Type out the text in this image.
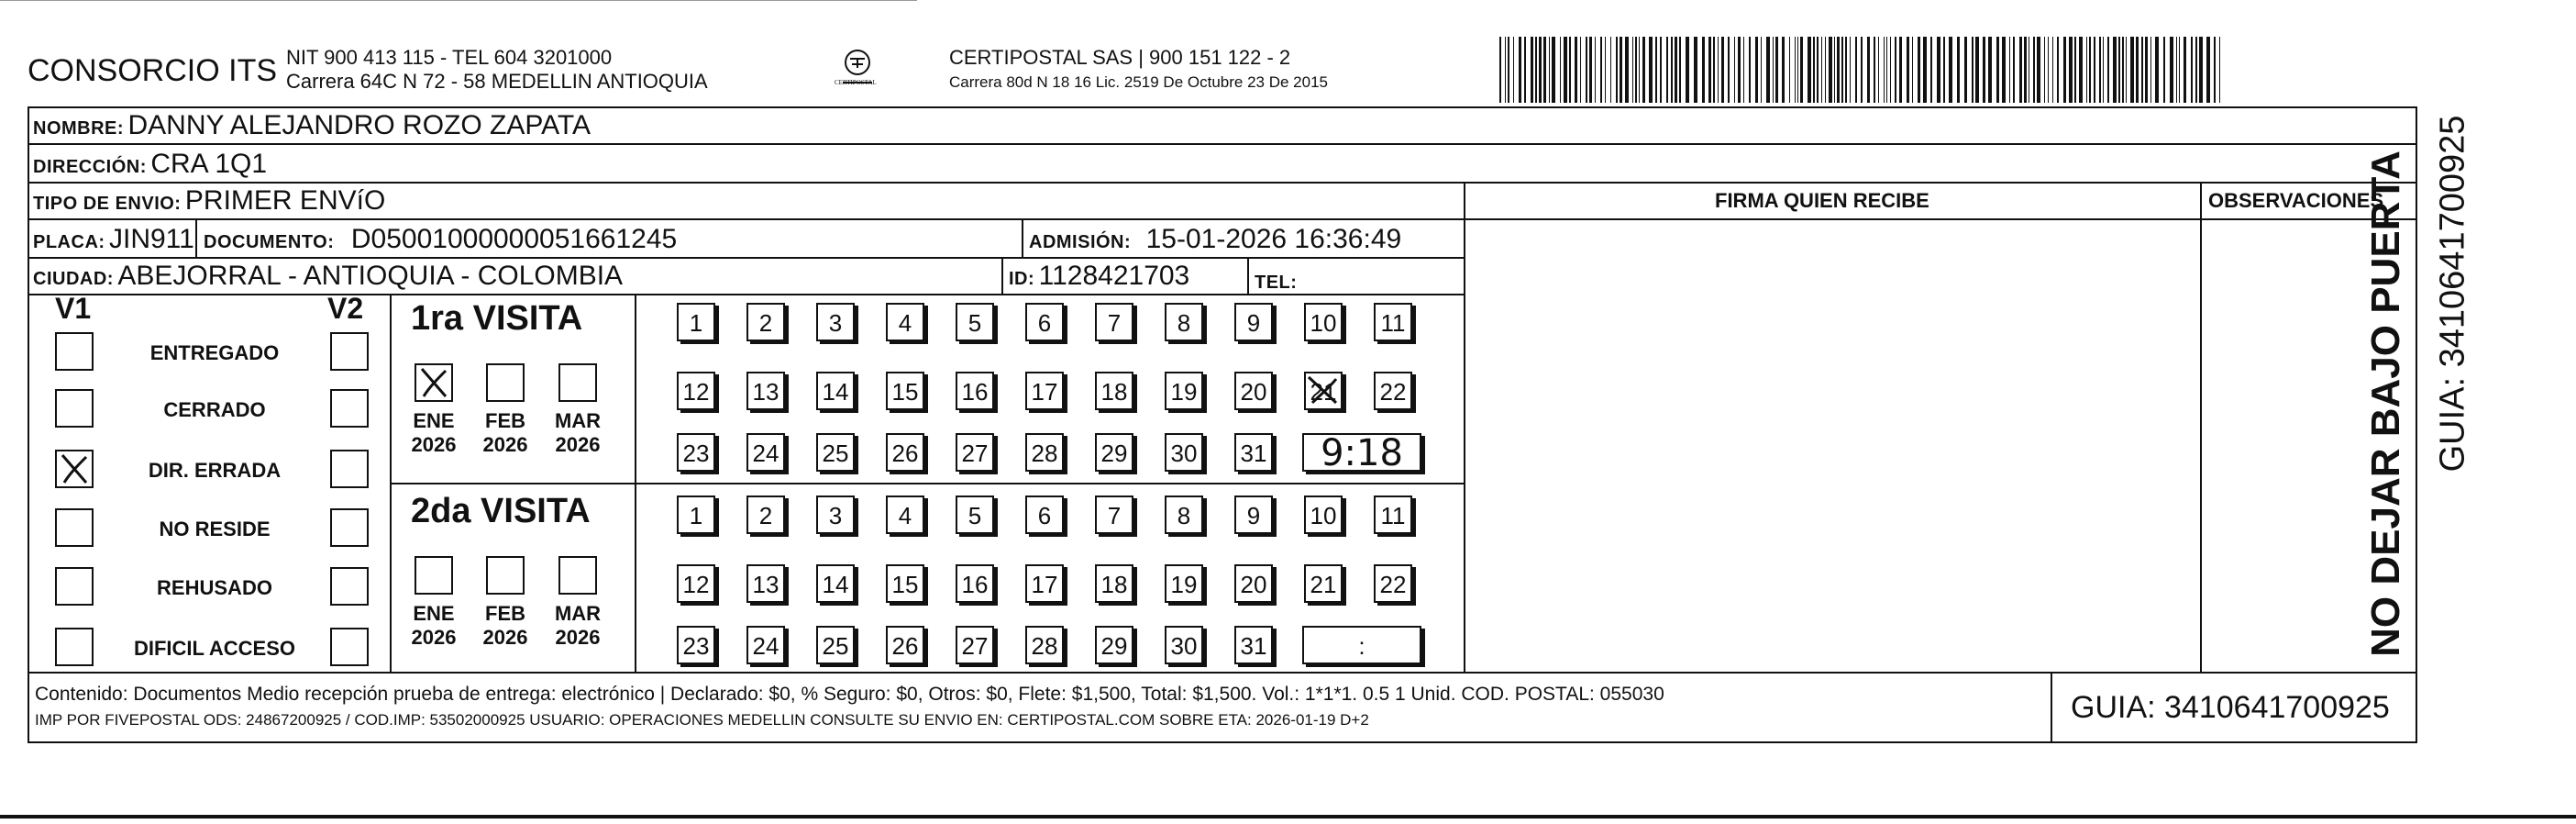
CONSORCIO ITS NIT 900 413 115 - TEL 604 3201000
Carrera 64C N 72 - 58 MEDELLIN ANTIOQUIA	CERTIPOSTAL
CERTIPOSTAL SAS | 900 151 122 - 2
Carrera 80d N 18 16 Lic. 2519 De Octubre 23 De 2015
NOMBRE: DANNY ALEJANDRO ROZO ZAPATA
DIRECCIÓN: CRA 1Q1
TIPO DE ENVIO: PRIMER ENVíO	FIRMA QUIEN RECIBE	OBSERVACIONES
PLACA: JIN911 DOCUMENTO: D0500100000005166124​5	ADMISIÓN: 15-01-2026 16:36:49
CIUDAD: ABEJORRAL - ANTIOQUIA - COLOMBIA	ID: 1128421703	TEL:
V1	V2
ENTREGADO
CERRADO
DIR. ERRADA
NO RESIDE
REHUSADO
DIFICIL ACCESO
1ra VISITA
2da VISITA
ENE
2026
FEB
2026
MAR
2026
ENE
2026
FEB
2026
MAR
2026
1	2	3	4	5	6	7	8	9	10 11
12 13 14 15 16 17 18 19 20 21 22
23 24 25 26 27 28 29 30 31	9:18
1	2	3	4	5	6	7	8	9	10 11
12 13 14 15 16 17 18 19 20 21 22
23 24 25 26 27 28 29 30 31	:
Contenido: Documentos Medio recepción prueba de entrega: electrónico | Declarado: $0, % Seguro: $0, Otros: $0, Flete: $1,500, Total: $1,500. Vol.: 1*1*1. 0.5 1 Unid. COD. POSTAL: 055030
IMP POR FIVEPOSTAL ODS: 24867200925 / COD.IMP: 53502000925 USUARIO: OPERACIONES MEDELLIN CONSULTE SU ENVIO EN: CERTIPOSTAL.COM SOBRE ETA: 2026-01-19 D+2	GUIA: 3410641700925
NO DEJAR BAJO PUERTA GUIA: 3410641700925
